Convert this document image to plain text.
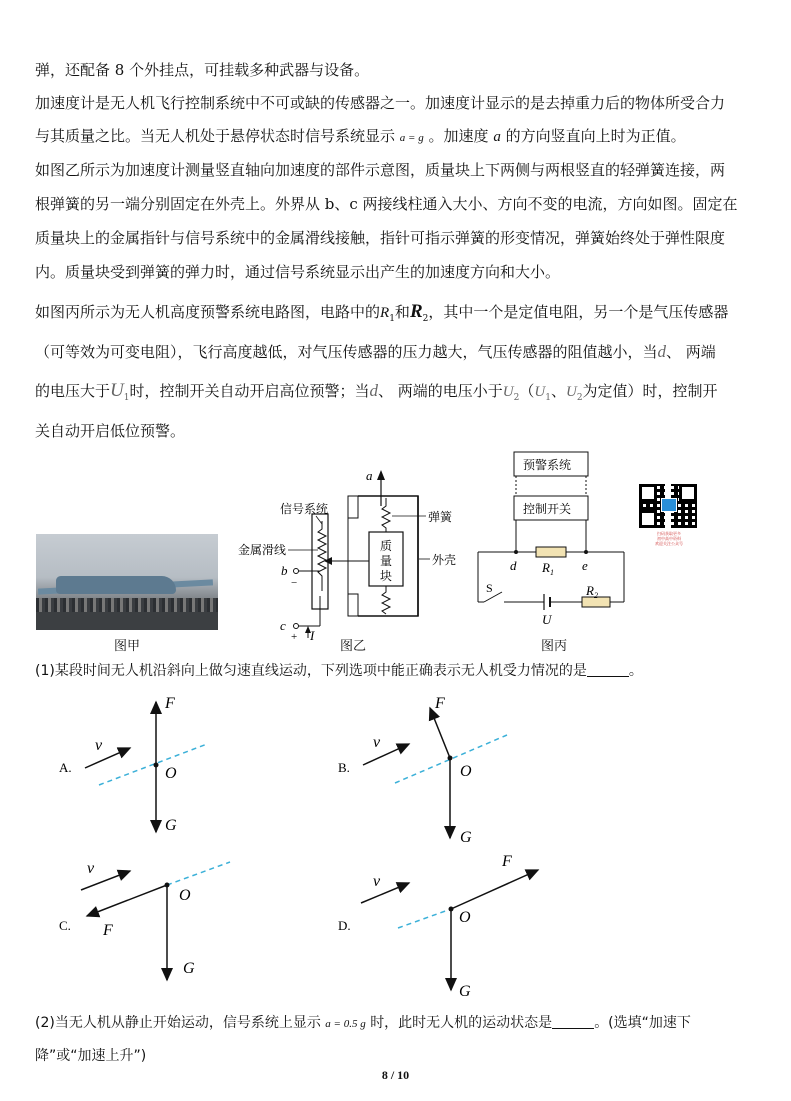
弹，还配备 8 个外挂点，可挂载多种武器与设备。
加速度计是无人机飞行控制系统中不可或缺的传感器之一。加速度计显示的是去掉重力后的物体所受合力
与其质量之比。当无人机处于悬停状态时信号系统显示 a = g 。加速度 a 的方向竖直向上时为正值。
如图乙所示为加速度计测量竖直轴向加速度的部件示意图，质量块上下两侧与两根竖直的轻弹簧连接，两
根弹簧的另一端分别固定在外壳上。外界从 b、c 两接线柱通入大小、方向不变的电流，方向如图。固定在
质量块上的金属指针与信号系统中的金属滑线接触，指针可指示弹簧的形变情况，弹簧始终处于弹性限度
内。质量块受到弹簧的弹力时，通过信号系统显示出产生的加速度方向和大小。
如图丙所示为无人机高度预警系统电路图，电路中的$R_1$和$R_2$，其中一个是定值电阻，另一个是气压传感器
（可等效为可变电阻），飞行高度越低，对气压传感器的压力越大，气压传感器的阻值越小，当d、 两端
的电压大于$U_1$时，控制开关自动开启高位预警；当d、 两端的电压小于$U_2(U_1$、$U_2$为定值）时，控制开
关自动开启低位预警。
图甲
a
质
量
块
b
−
c
+ I
信号系统
金属滑线
弹簧
外壳
图乙
预警系统
控制开关
d $R_1$ e
S
U
$R_2$
图丙
扫码获取更多
初中高中资料
欢迎关注公众号
(1)某段时间无人机沿斜向上做匀速直线运动，下列选项中能正确表示无人机受力情况的是	。
A.
v
F
O
G
B.
v
F
O
G
C.
v
F
O
G
D.
v
F
O
G
(2)当无人机从静止开始运动，信号系统上显示 a = 0.5 g 时，此时无人机的运动状态是	。(选填“加速下
降”或“加速上升”)
8 / 10
